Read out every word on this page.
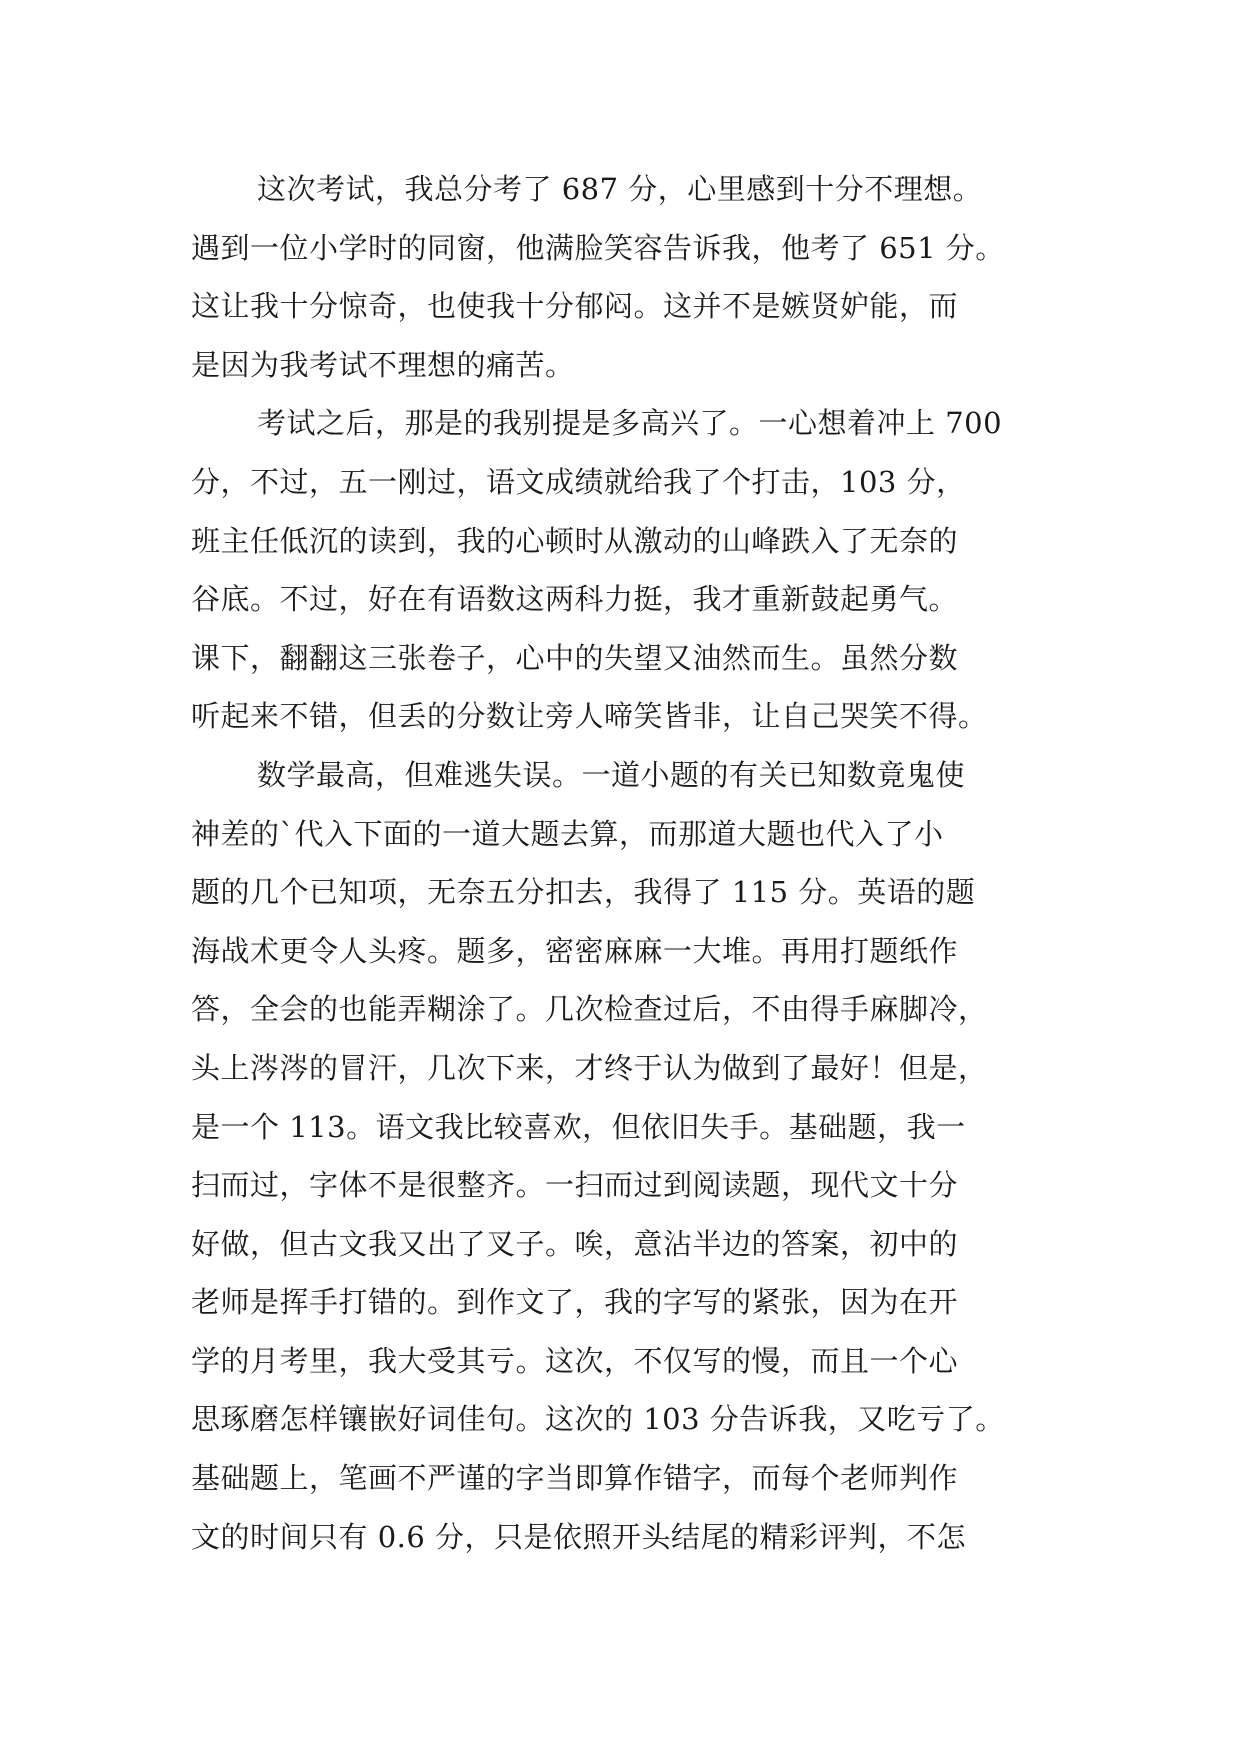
这次考试，我总分考了 687 分，心里感到十分不理想。
遇到一位小学时的同窗，他满脸笑容告诉我，他考了 651 分。
这让我十分惊奇，也使我十分郁闷。这并不是嫉贤妒能，而
是因为我考试不理想的痛苦。
考试之后，那是的我别提是多高兴了。一心想着冲上 700
分，不过，五一刚过，语文成绩就给我了个打击，103 分，
班主任低沉的读到，我的心顿时从激动的山峰跌入了无奈的
谷底。不过，好在有语数这两科力挺，我才重新鼓起勇气。
课下，翻翻这三张卷子，心中的失望又油然而生。虽然分数
听起来不错，但丢的分数让旁人啼笑皆非，让自己哭笑不得。
数学最高，但难逃失误。一道小题的有关已知数竟鬼使
神差的`代入下面的一道大题去算，而那道大题也代入了小
题的几个已知项，无奈五分扣去，我得了 115 分。英语的题
海战术更令人头疼。题多，密密麻麻一大堆。再用打题纸作
答，全会的也能弄糊涂了。几次检查过后，不由得手麻脚冷，
头上涔涔的冒汗，几次下来，才终于认为做到了最好！但是，
是一个 113。语文我比较喜欢，但依旧失手。基础题，我一
扫而过，字体不是很整齐。一扫而过到阅读题，现代文十分
好做，但古文我又出了叉子。唉，意沾半边的答案，初中的
老师是挥手打错的。到作文了，我的字写的紧张，因为在开
学的月考里，我大受其亏。这次，不仅写的慢，而且一个心
思琢磨怎样镶嵌好词佳句。这次的 103 分告诉我，又吃亏了。
基础题上，笔画不严谨的字当即算作错字，而每个老师判作
文的时间只有 0.6 分，只是依照开头结尾的精彩评判，不怎
